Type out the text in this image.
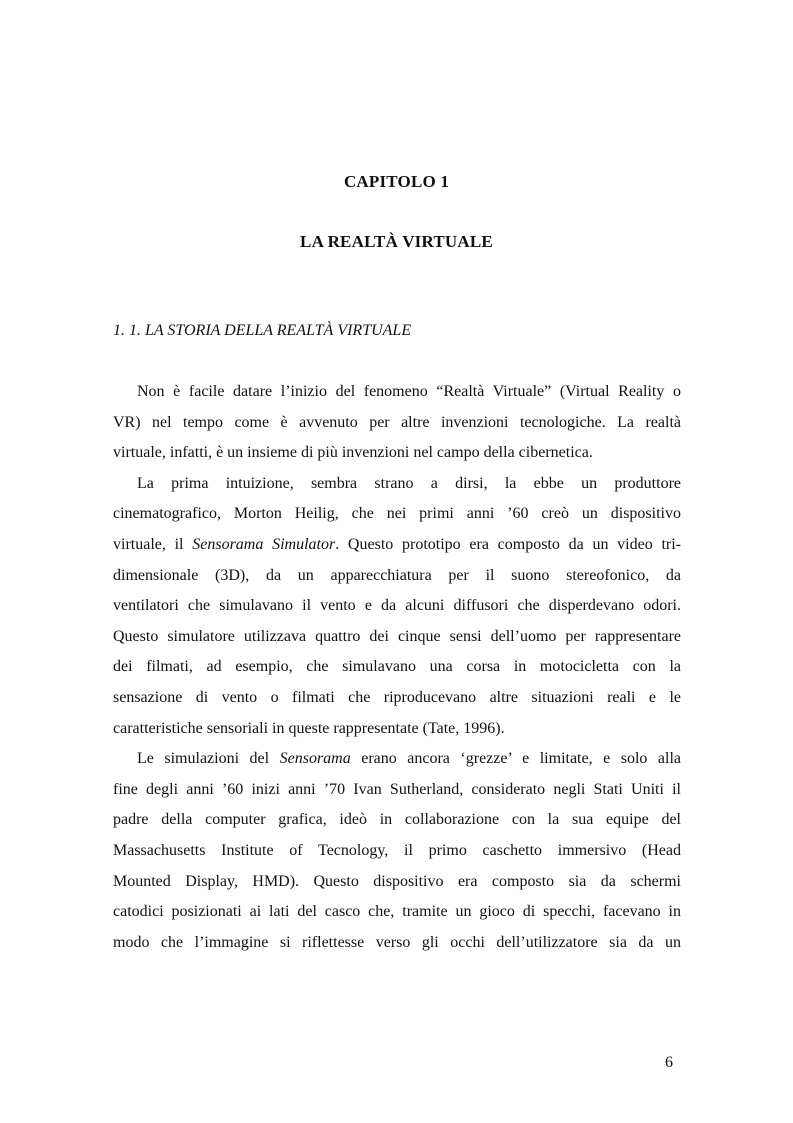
CAPITOLO 1
LA REALTÀ VIRTUALE
1. 1. LA STORIA DELLA REALTÀ VIRTUALE
Non è facile datare l’inizio del fenomeno “Realtà Virtuale” (Virtual Reality o
VR) nel tempo come è avvenuto per altre invenzioni tecnologiche. La realtà
virtuale, infatti, è un insieme di più invenzioni nel campo della cibernetica.
La prima intuizione, sembra strano a dirsi, la ebbe un produttore
cinematografico, Morton Heilig, che nei primi anni ’60 creò un dispositivo
virtuale, il Sensorama Simulator. Questo prototipo era composto da un video tri-
dimensionale (3D), da un apparecchiatura per il suono stereofonico, da
ventilatori che simulavano il vento e da alcuni diffusori che disperdevano odori.
Questo simulatore utilizzava quattro dei cinque sensi dell’uomo per rappresentare
dei filmati, ad esempio, che simulavano una corsa in motocicletta con la
sensazione di vento o filmati che riproducevano altre situazioni reali e le
caratteristiche sensoriali in queste rappresentate (Tate, 1996).
Le simulazioni del Sensorama erano ancora ‘grezze’ e limitate, e solo alla
fine degli anni ’60 inizi anni ’70 Ivan Sutherland, considerato negli Stati Uniti il
padre della computer grafica, ideò in collaborazione con la sua equipe del
Massachusetts Institute of Tecnology, il primo caschetto immersivo (Head
Mounted Display, HMD). Questo dispositivo era composto sia da schermi
catodici posizionati ai lati del casco che, tramite un gioco di specchi, facevano in
modo che l’immagine si riflettesse verso gli occhi dell’utilizzatore sia da un
6
